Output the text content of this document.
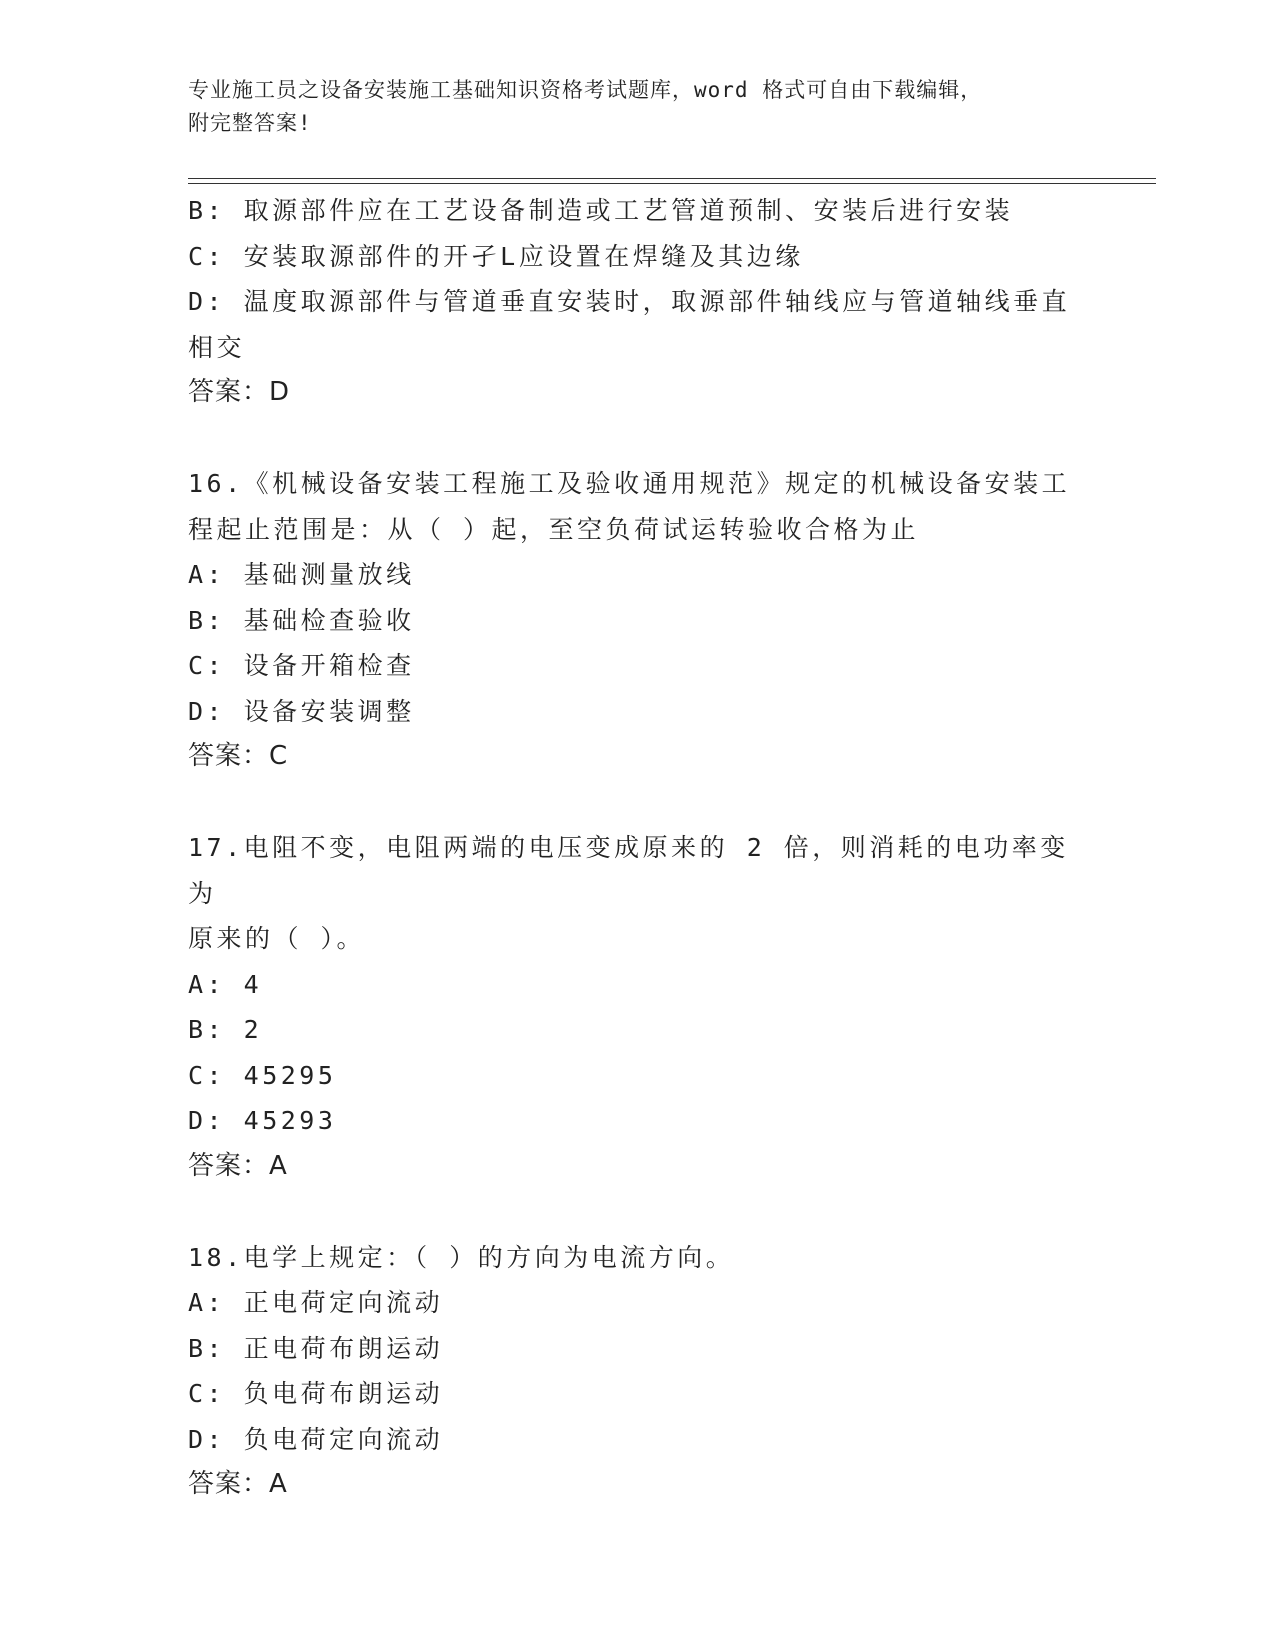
专业施工员之设备安装施工基础知识资格考试题库，word 格式可自由下载编辑，
附完整答案!
B: 取源部件应在工艺设备制造或工艺管道预制、安装后进行安装
C: 安装取源部件的开孑L应设置在焊缝及其边缘
D: 温度取源部件与管道垂直安装时，取源部件轴线应与管道轴线垂直
相交
答案：D
16.《机械设备安装工程施工及验收通用规范》规定的机械设备安装工
程起止范围是：从（ ）起，至空负荷试运转验收合格为止
A: 基础测量放线
B: 基础检查验收
C: 设备开箱检查
D: 设备安装调整
答案：C
17.电阻不变，电阻两端的电压变成原来的 2 倍，则消耗的电功率变为
原来的（ ）。
A: 4
B: 2
C: 45295
D: 45293
答案：A
18.电学上规定：（ ）的方向为电流方向。
A: 正电荷定向流动
B: 正电荷布朗运动
C: 负电荷布朗运动
D: 负电荷定向流动
答案：A
